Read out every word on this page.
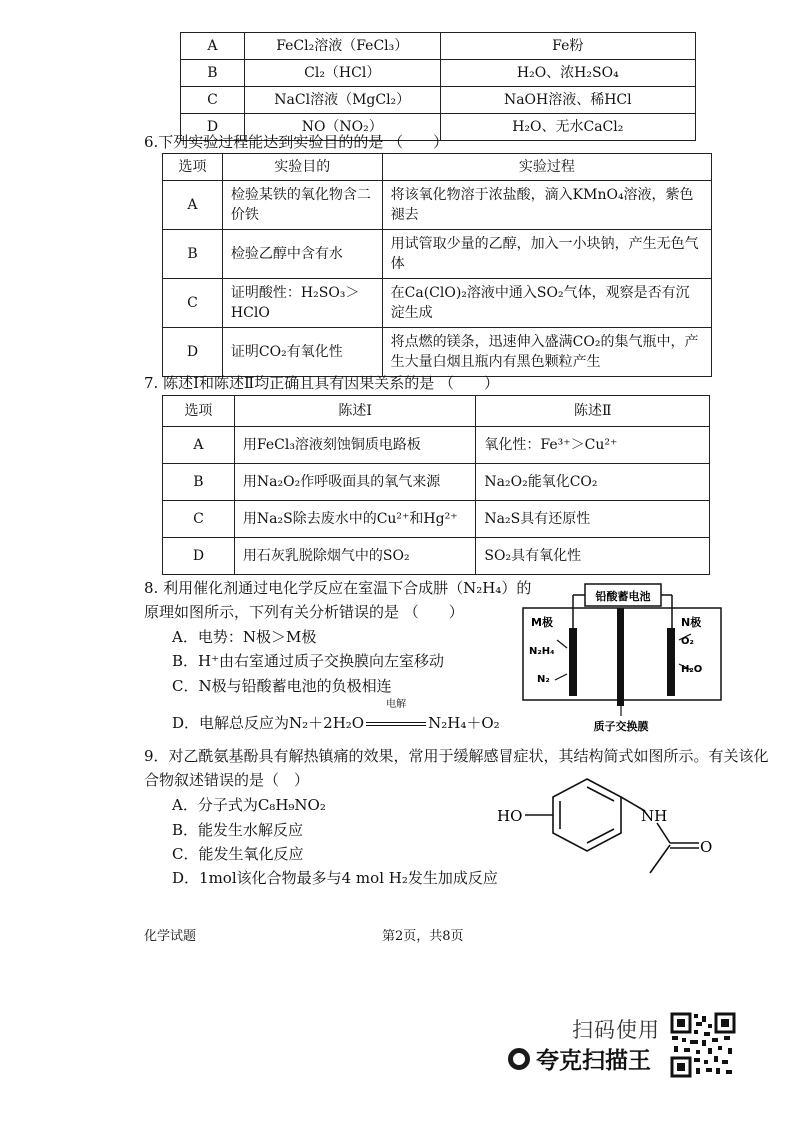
A	FeCl₂溶液（FeCl₃）	Fe粉
B	Cl₂（HCl）	H₂O、浓H₂SO₄
C	NaCl溶液（MgCl₂）	NaOH溶液、稀HCl
D	NO（NO₂）	H₂O、无水CaCl₂
6.下列实验过程能达到实验目的的是 （　　）
选项	实验目的	实验过程
A	检验某铁的氧化物含二价铁	将该氧化物溶于浓盐酸，滴入KMnO₄溶液，紫色褪去
B	检验乙醇中含有水	用试管取少量的乙醇，加入一小块钠，产生无色气体
C	证明酸性：H₂SO₃＞HClO	在Ca(ClO)₂溶液中通入SO₂气体，观察是否有沉淀生成
D	证明CO₂有氧化性	将点燃的镁条，迅速伸入盛满CO₂的集气瓶中，产生大量白烟且瓶内有黑色颗粒产生
7. 陈述Ⅰ和陈述Ⅱ均正确且具有因果关系的是 （　　）
选项	陈述Ⅰ	陈述Ⅱ
A	用FeCl₃溶液刻蚀铜质电路板	氧化性：Fe³⁺＞Cu²⁺
B	用Na₂O₂作呼吸面具的氧气来源	Na₂O₂能氧化CO₂
C	用Na₂S除去废水中的Cu²⁺和Hg²⁺	Na₂S具有还原性
D	用石灰乳脱除烟气中的SO₂	SO₂具有氧化性
8. 利用催化剂通过电化学反应在室温下合成肼（N₂H₄）的
原理如图所示，下列有关分析错误的是 （　　）
A．电势：N极＞M极
B．H⁺由右室通过质子交换膜向左室移动
C．N极与铅酸蓄电池的负极相连
D．电解总反应为N₂＋2H₂O
电解
N₂H₄＋O₂
铅酸蓄电池
M极	N极
N₂H₄
N₂
O₂
H₂O
质子交换膜
9．对乙酰氨基酚具有解热镇痛的效果，常用于缓解感冒症状，其结构简式如图所示。有关该化
合物叙述错误的是（　）
A．分子式为C₈H₉NO₂
B．能发生水解反应
C．能发生氧化反应
D．1mol该化合物最多与4 mol H₂发生加成反应
HO	NH
O
化学试题	第2页，共8页
扫码使用
夸克扫描王
